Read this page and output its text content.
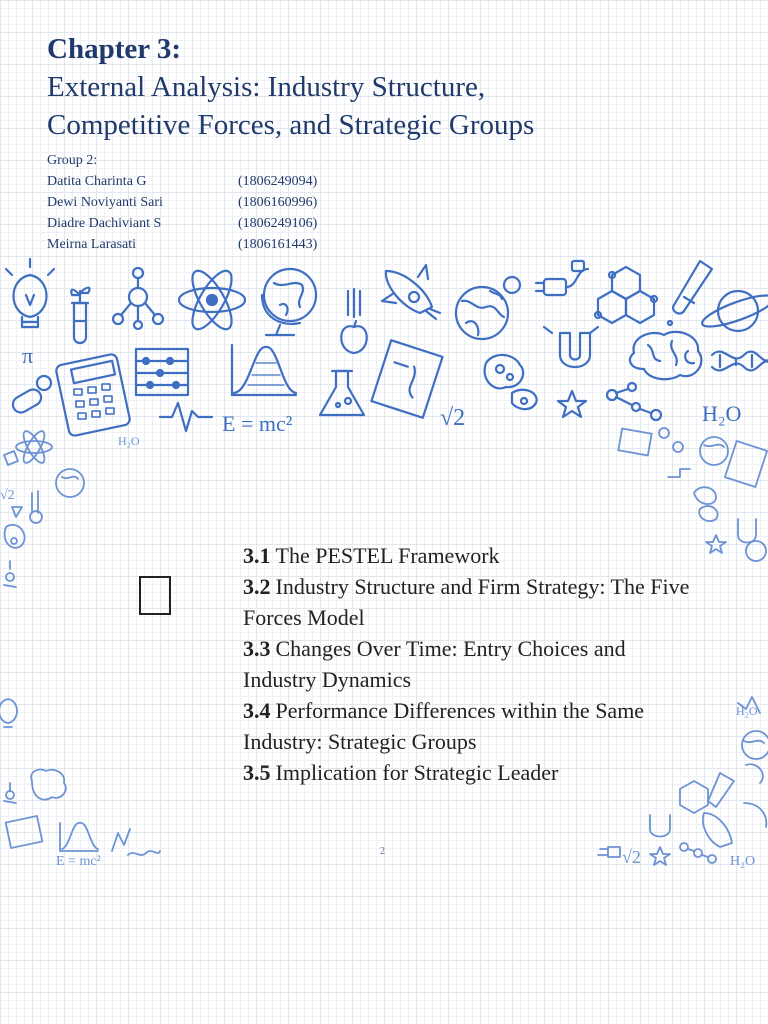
Chapter 3:
External Analysis: Industry Structure,
Competitive Forces, and Strategic Groups
Group 2:
Datita Charinta G	(1806249094)
Dewi Noviyanti Sari	(1806160996)
Diadre Dachiviant S	(1806249106)
Meirna Larasati	(1806161443)
π
E = mc²	√2	H₂O
H₂O
√2
E = mc²	√2	H₂O
H₂O
3.1 The PESTEL Framework
3.2 Industry Structure and Firm Strategy: The Five Forces Model
3.3 Changes Over Time: Entry Choices and Industry Dynamics
3.4 Performance Differences within the Same Industry: Strategic Groups
3.5 Implication for Strategic Leader
2
